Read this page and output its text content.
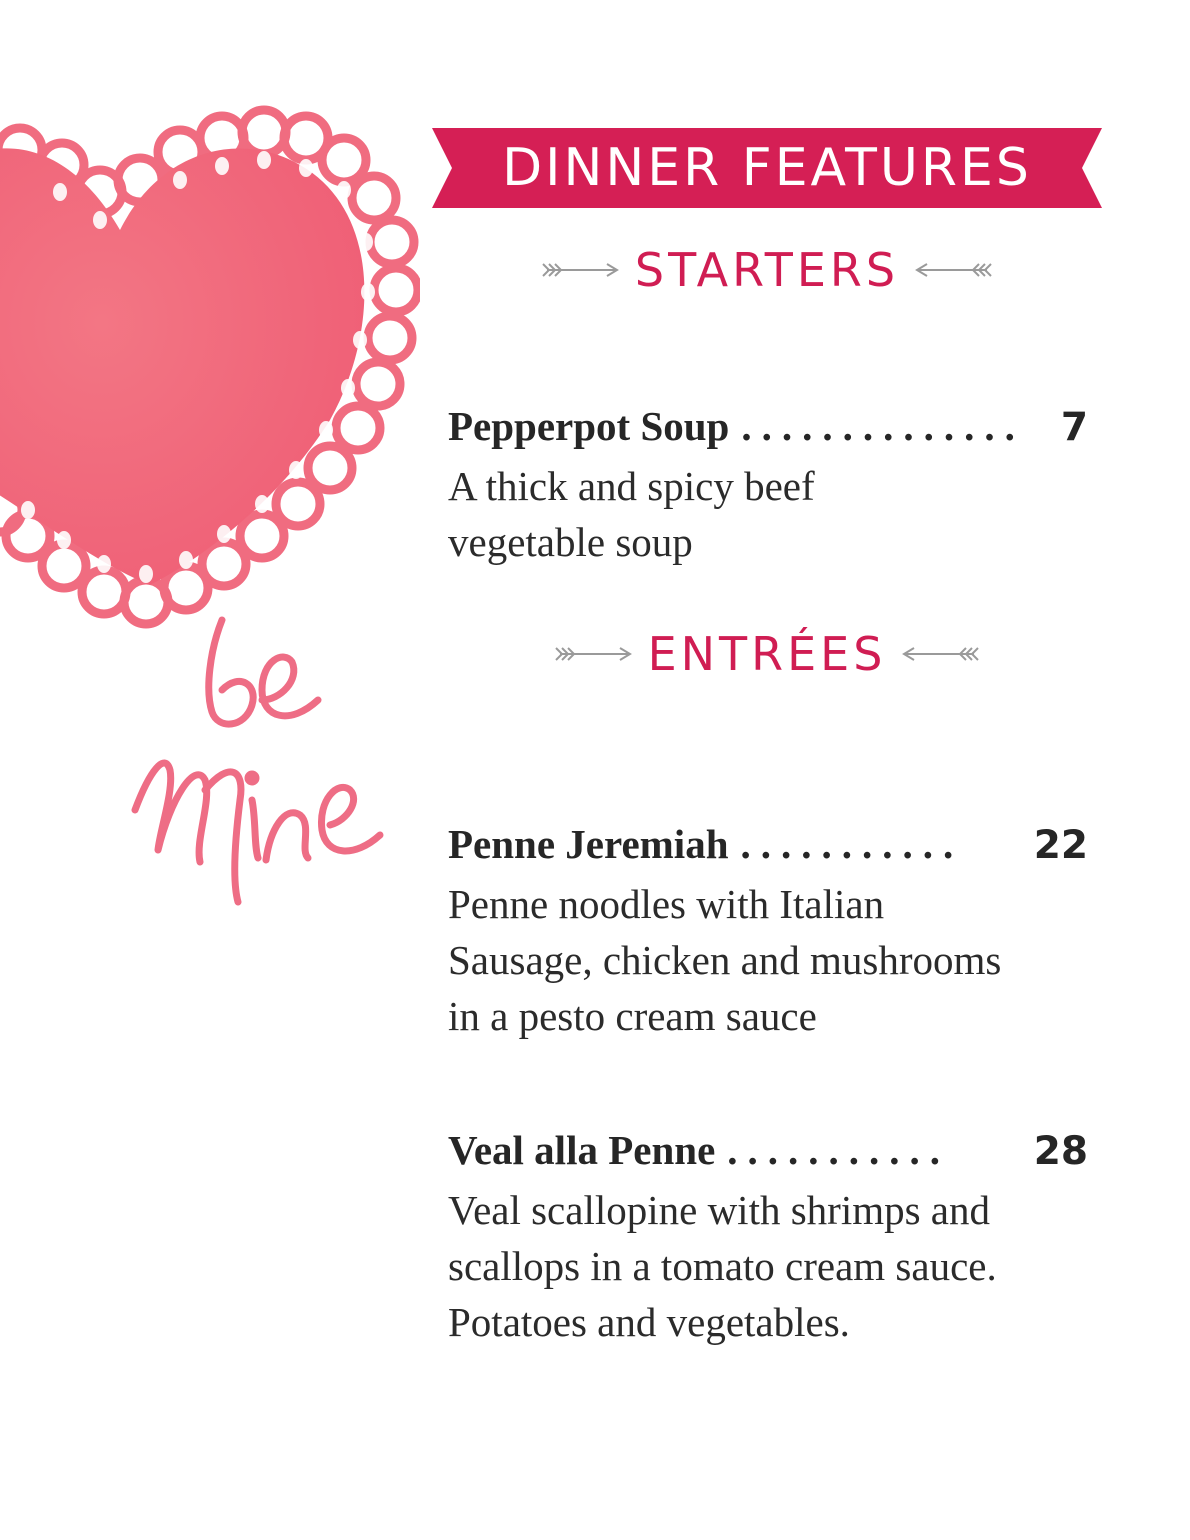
DINNER FEATURES
STARTERS
Pepperpot Soup .............. 7
A thick and spicy beef vegetable soup
ENTRÉES
Penne Jeremiah ...........	22
Penne noodles with Italian Sausage, chicken and mushrooms in a pesto cream sauce
Veal alla Penne ...........	28
Veal scallopine with shrimps and scallops in a tomato cream sauce. Potatoes and vegetables.
